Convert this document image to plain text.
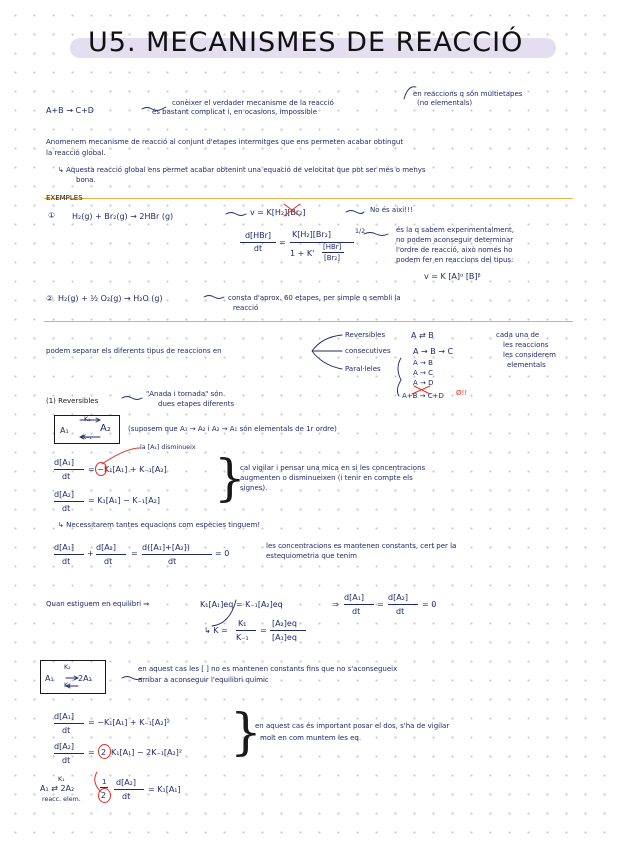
U5. MECANISMES DE REACCIÓ
A+B → C+D
conèixer el verdader mecanisme de la reacció
és bastant complicat i, en ocasions, impossible
en reaccions q són multietapes
(no elementals)
Anomenem mecanisme de reacció al conjunt d'etapes intermitges que ens permeten acabar obtingut
la reacció global.
↳ Aquesta reacció global ens permet acabar obtenint una equació de velocitat que pot ser més o menys
bona.
EXEMPLES
① H₂(g) + Br₂(g) → 2HBr (g)	v = K[H₂][Br₂]	No és així!!!
1/2
d[HBr]
dt
=
K[H₂][Br₂]
1 + K'
[HBr]
[Br₂]
és la q sabem experimentalment,
no podem aconseguir determinar
l'ordre de reacció, això només ho
podem fer en reaccions del tipus:
v = K [A]ᵅ [B]ᵝ
② H₂(g) + ½ O₂(g) → H₂O (g)	consta d'aprox. 60 etapes, per simple q sembli la
reacció
podem separar els diferents tipus de reaccions en
Reversibles	A ⇄ B
consecutives	A → B → C
Paral·leles
A → B
A → C
A → D
A+B → C+D Ø!!
cada una de
les reaccions
les considerem
elementals
(1) Reversibles
"Anada i tornada" són
dues etapes diferents
A₁	A₂
K₁
K₋₁
(suposem que A₁ → A₂ i A₂ → A₁ són elementals de 1r ordre)
la [A₁] disminueix
d[A₁]
dt
= −K₁[A₁] + K₋₁[A₂]
d[A₂]
dt
= K₁[A₁] − K₋₁[A₂] }
cal vigilar i pensar una mica en si les concentracions
augmenten o disminueixen (i tenir en compte els
signes).
↳ Necessitarem tantes equacions com espècies tinguem!
d[A₁]
dt
+
d[A₂]
dt
=
d([A₁]+[A₂])
dt
= 0
les concentracions es mantenen constants, cert per la
estequiometria que tenim
Quan estiguem en equilibri ⇒	K₁[A₁]eq = K₋₁[A₂]eq	⇒
d[A₁]
dt
=
d[A₂]
dt
= 0
↳ K =
K₁
K₋₁
=
[A₂]eq
[A₁]eq
A₁	2A₂
K₂
K₁
en aquest cas les [ ] no es mantenen constants fins que no s'aconsegueix
arribar a aconseguir l'equilibri químic
d[A₁]
dt
= −K₁[A₁] + K₋₁[A₂]²
d[A₂]
dt
= 2 K₁[A₁] − 2K₋₁[A₂]² }
en aquest cas és important posar el dos, s'ha de vigilar
molt en com muntem les eq.
A₁ ⇄ 2A₂
reacc. elem.
K₁
2
1 d[A₂]
dt
= K₁[A₁]
